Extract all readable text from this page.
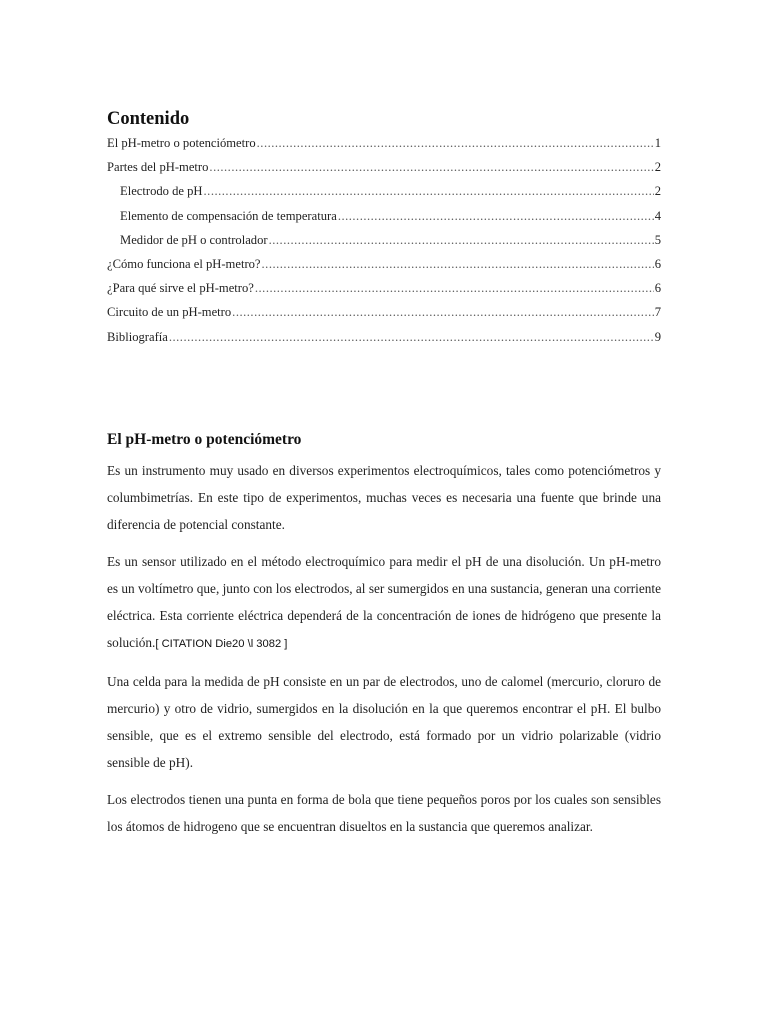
Contenido
El pH-metro o potenciómetro .....	1
Partes del pH-metro .....	2
Electrodo de pH .....	2
Elemento de compensación de temperatura .....	4
Medidor de pH o controlador .....	5
¿Cómo funciona el pH-metro? .....	6
¿Para qué sirve el pH-metro? .....	6
Circuito de un pH-metro .....	7
Bibliografía .....	9
El pH-metro o potenciómetro

Es un instrumento muy usado en diversos experimentos electroquímicos, tales como potenciómetros y columbimetrías. En este tipo de experimentos, muchas veces es necesaria una fuente que brinde una diferencia de potencial constante.

Es un sensor utilizado en el método electroquímico para medir el pH de una disolución. Un pH-metro es un voltímetro que, junto con los electrodos, al ser sumergidos en una sustancia, generan una corriente eléctrica. Esta corriente eléctrica dependerá de la concentración de iones de hidrógeno que presente la solución.[ CITATION Die20 \l 3082 ]

Una celda para la medida de pH consiste en un par de electrodos, uno de calomel (mercurio, cloruro de mercurio) y otro de vidrio, sumergidos en la disolución en la que queremos encontrar el pH. El bulbo sensible, que es el extremo sensible del electrodo, está formado por un vidrio polarizable (vidrio sensible de pH).

Los electrodos tienen una punta en forma de bola que tiene pequeños poros por los cuales son sensibles los átomos de hidrogeno que se encuentran disueltos en la sustancia que queremos analizar.
